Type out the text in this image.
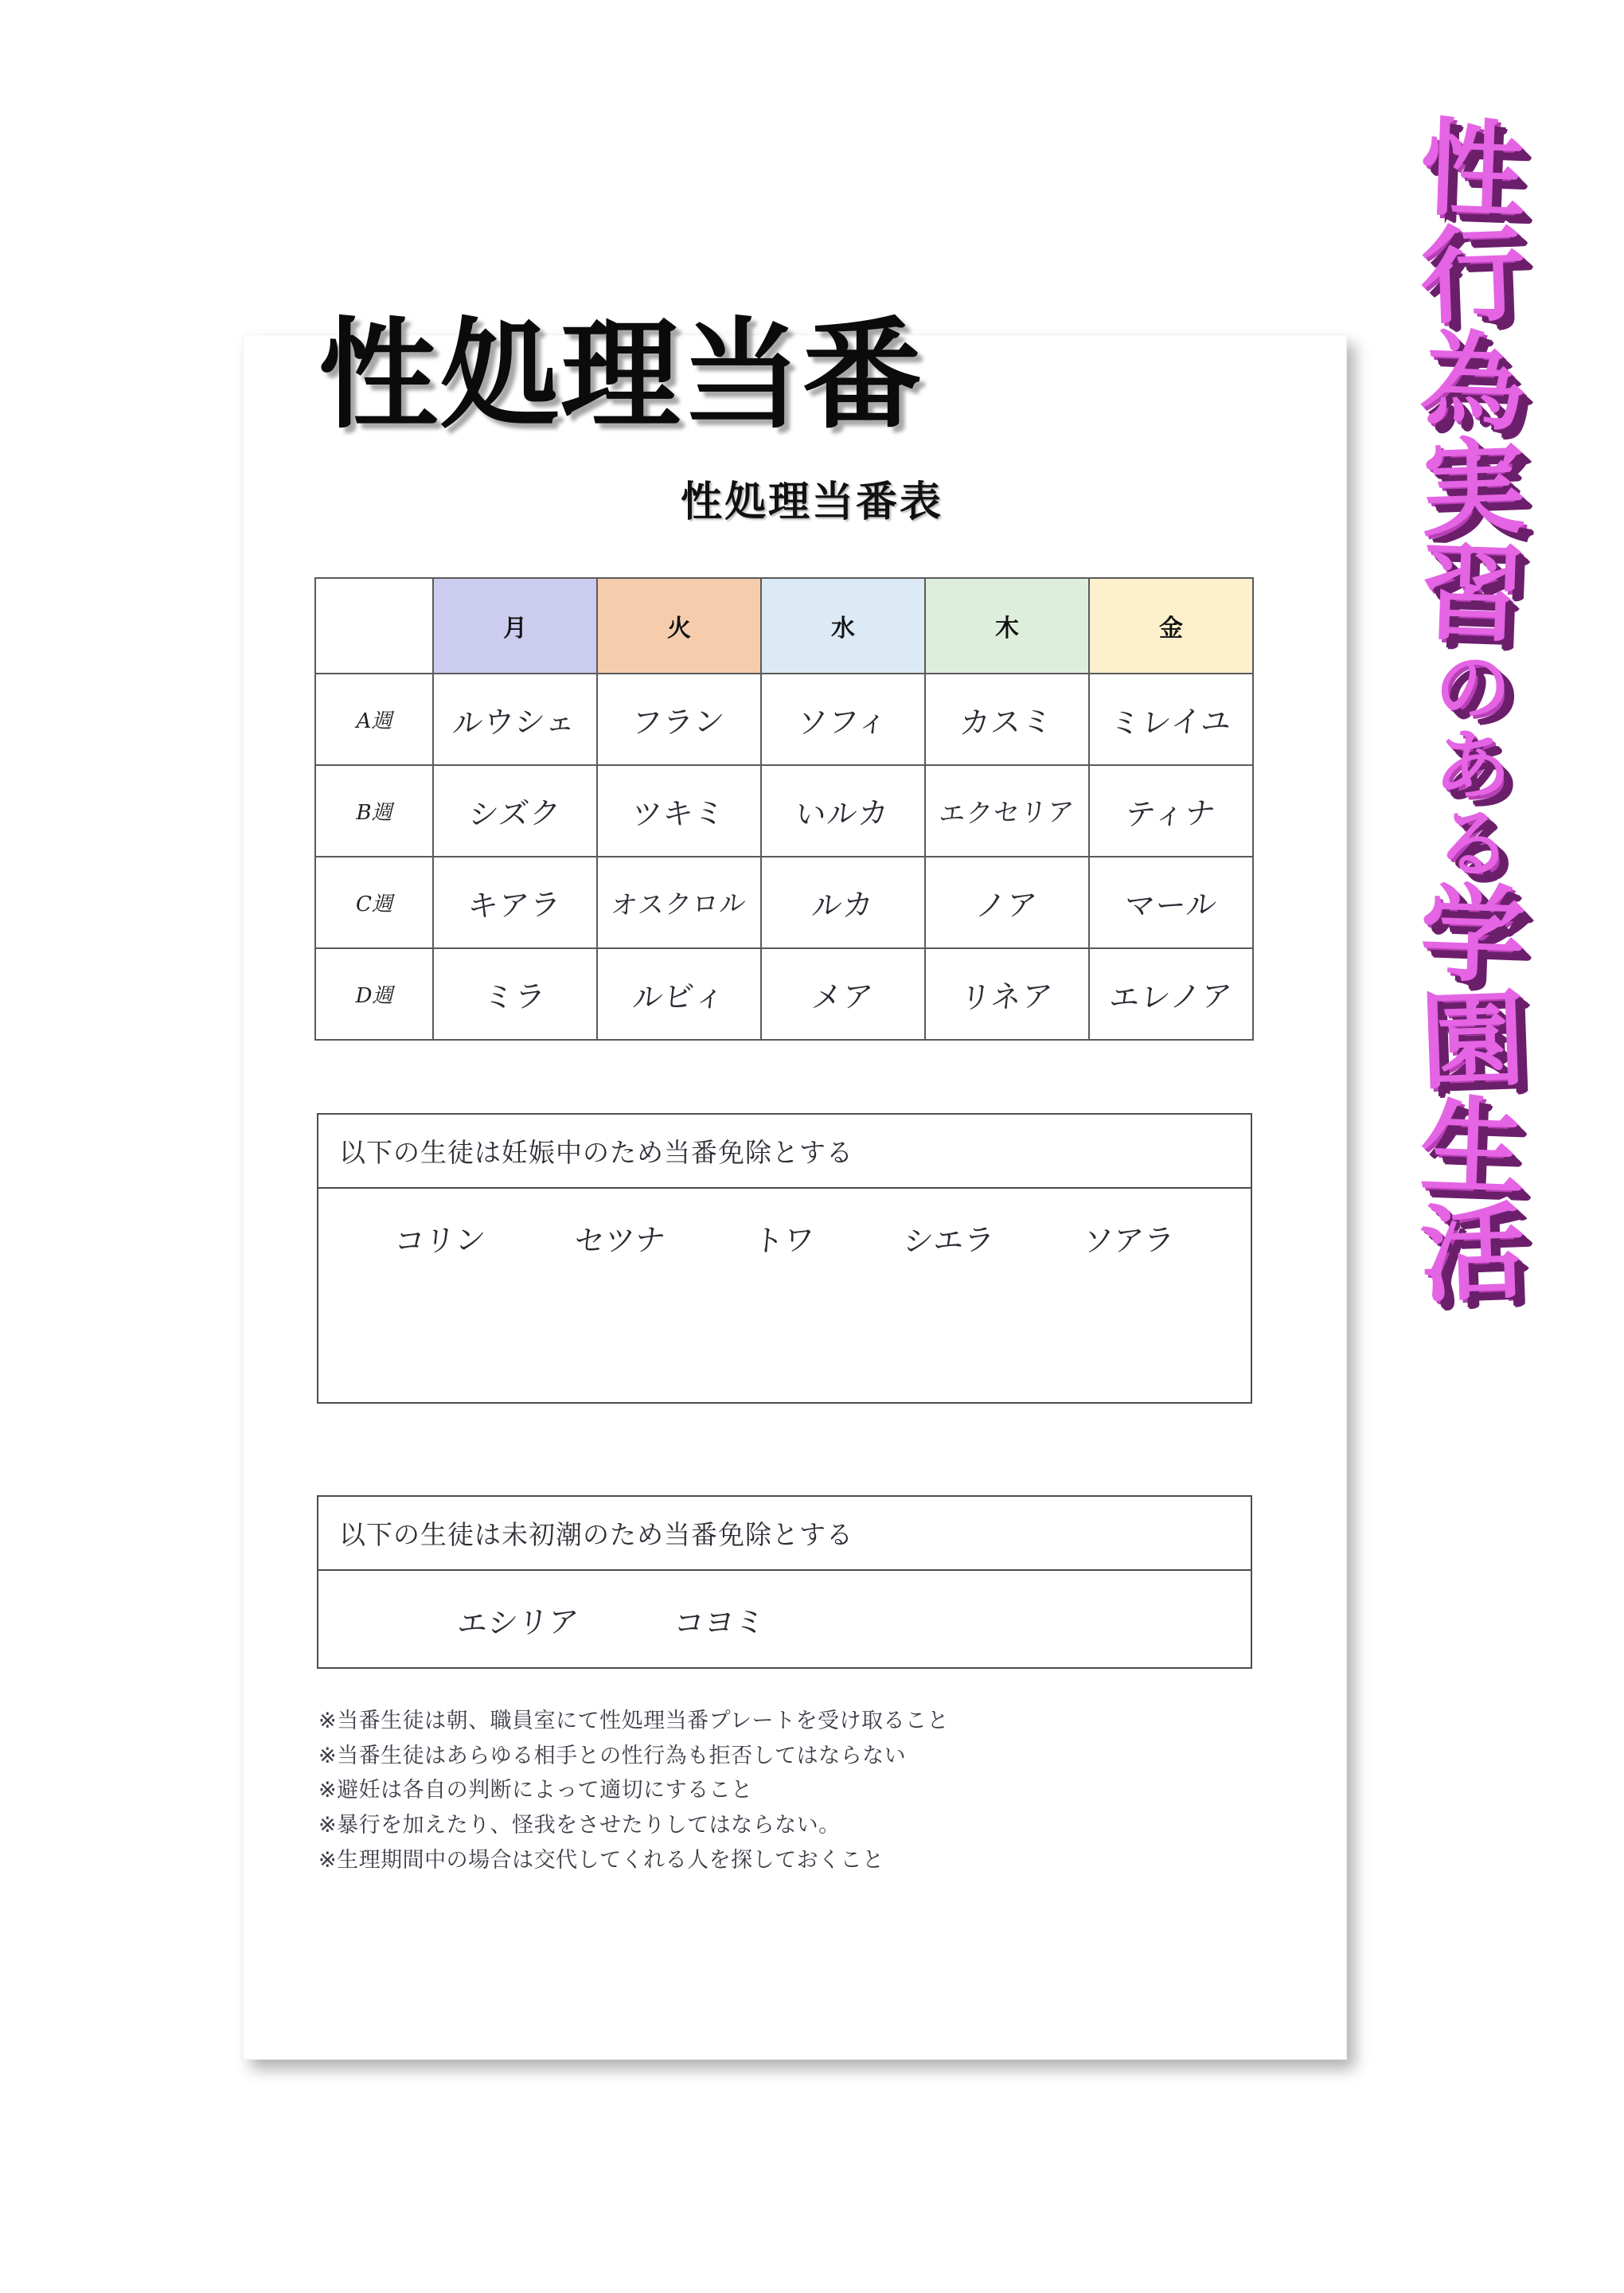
性
行
為
実
習
の
あ
る
学
園
生
活
性処理当番
性処理当番表
	月	火	水	木	金
A週	ルウシェ	フラン	ソフィ	カスミ	ミレイユ
B週	シズク	ツキミ	いルカ	エクセリア	ティナ
C週	キアラ	オスクロル	ルカ	ノア	マール
D週	ミラ	ルビィ	メア	リネア	エレノア
以下の生徒は妊娠中のため当番免除とする
コリン	セツナ	トワ	シエラ	ソアラ
以下の生徒は未初潮のため当番免除とする
エシリア	コヨミ
※当番生徒は朝、職員室にて性処理当番プレートを受け取ること
※当番生徒はあらゆる相手との性行為も拒否してはならない
※避妊は各自の判断によって適切にすること
※暴行を加えたり、怪我をさせたりしてはならない。
※生理期間中の場合は交代してくれる人を探しておくこと
